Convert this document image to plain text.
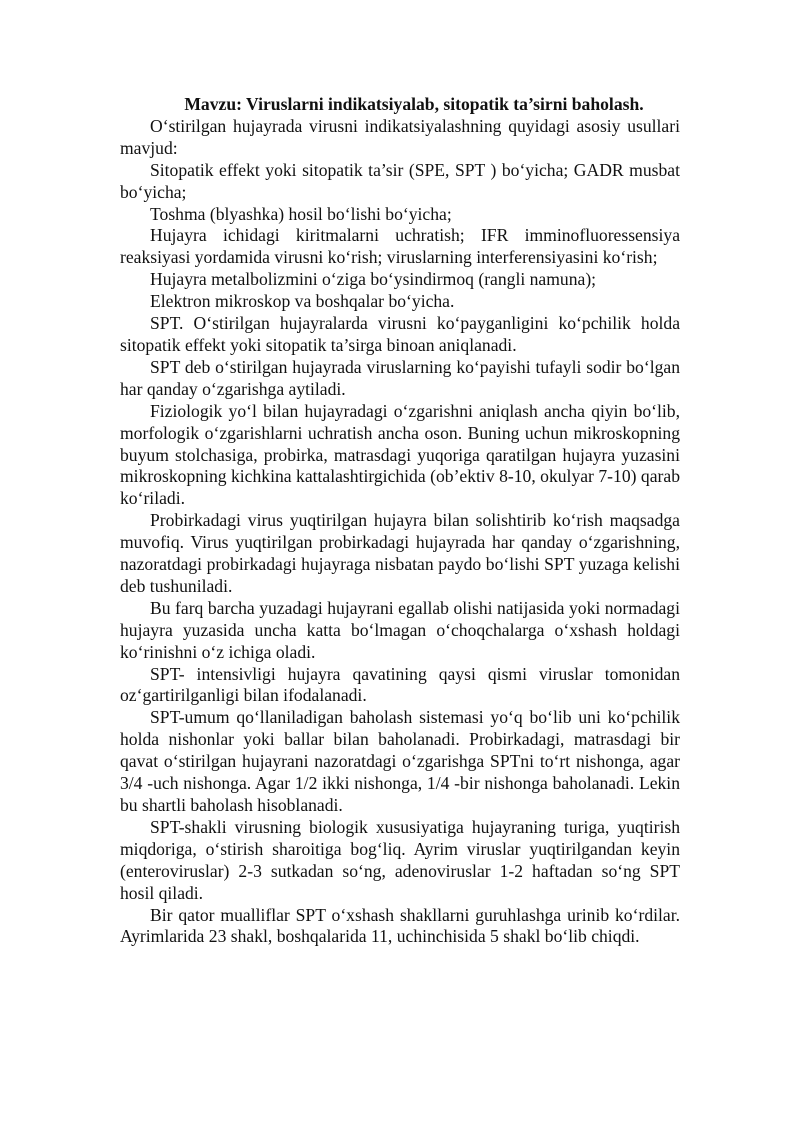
Mavzu: Viruslarni indikatsiyalab, sitopatik ta’sirni baholash.

O‘stirilgan hujayrada virusni indikatsiyalashning quyidagi asosiy usullari mavjud:

Sitopatik effekt yoki sitopatik ta’sir (SPE, SPT ) bo‘yicha; GADR musbat bo‘yicha;

Toshma (blyashka) hosil bo‘lishi bo‘yicha;

Hujayra ichidagi kiritmalarni uchratish; IFR imminofluoressensiya reaksiyasi yordamida virusni ko‘rish; viruslarning interferensiyasini ko‘rish;

Hujayra metalbolizmini o‘ziga bo‘ysindirmoq (rangli namuna);

Elektron mikroskop va boshqalar bo‘yicha.

SPT. O‘stirilgan hujayralarda virusni ko‘payganligini ko‘pchilik holda sitopatik effekt yoki sitopatik ta’sirga binoan aniqlanadi.

SPT deb o‘stirilgan hujayrada viruslarning ko‘payishi tufayli sodir bo‘lgan har qanday o‘zgarishga aytiladi.

Fiziologik yo‘l bilan hujayradagi o‘zgarishni aniqlash ancha qiyin bo‘lib, morfologik o‘zgarishlarni uchratish ancha oson. Buning uchun mikroskopning buyum stolchasiga, probirka, matrasdagi yuqoriga qaratilgan hujayra yuzasini mikroskopning kichkina kattalashtirgichida (ob’ektiv 8-10, okulyar 7-10) qarab ko‘riladi.

Probirkadagi virus yuqtirilgan hujayra bilan solishtirib ko‘rish maqsadga muvofiq. Virus yuqtirilgan probirkadagi hujayrada har qanday o‘zgarishning, nazoratdagi probirkadagi hujayraga nisbatan paydo bo‘lishi SPT yuzaga kelishi deb tushuniladi.

Bu farq barcha yuzadagi hujayrani egallab olishi natijasida yoki normadagi hujayra yuzasida uncha katta bo‘lmagan o‘choqchalarga o‘xshash holdagi ko‘rinishni o‘z ichiga oladi.

SPT- intensivligi hujayra qavatining qaysi qismi viruslar tomonidan oz‘gartirilganligi bilan ifodalanadi.

SPT-umum qo‘llaniladigan baholash sistemasi yo‘q bo‘lib uni ko‘pchilik holda nishonlar yoki ballar bilan baholanadi. Probirkadagi, matrasdagi bir qavat o‘stirilgan hujayrani nazoratdagi o‘zgarishga SPTni to‘rt nishonga, agar 3/4 -uch nishonga. Agar 1/2 ikki nishonga, 1/4 -bir nishonga baholanadi. Lekin bu shartli baholash hisoblanadi.

SPT-shakli virusning biologik xususiyatiga hujayraning turiga, yuqtirish miqdoriga, o‘stirish sharoitiga bog‘liq. Ayrim viruslar yuqtirilgandan keyin (enteroviruslar) 2-3 sutkadan so‘ng, adenoviruslar 1-2 haftadan so‘ng SPT hosil qiladi.

Bir qator mualliflar SPT o‘xshash shakllarni guruhlashga urinib ko‘rdilar. Ayrimlarida 23 shakl, boshqalarida 11, uchinchisida 5 shakl bo‘lib chiqdi.
